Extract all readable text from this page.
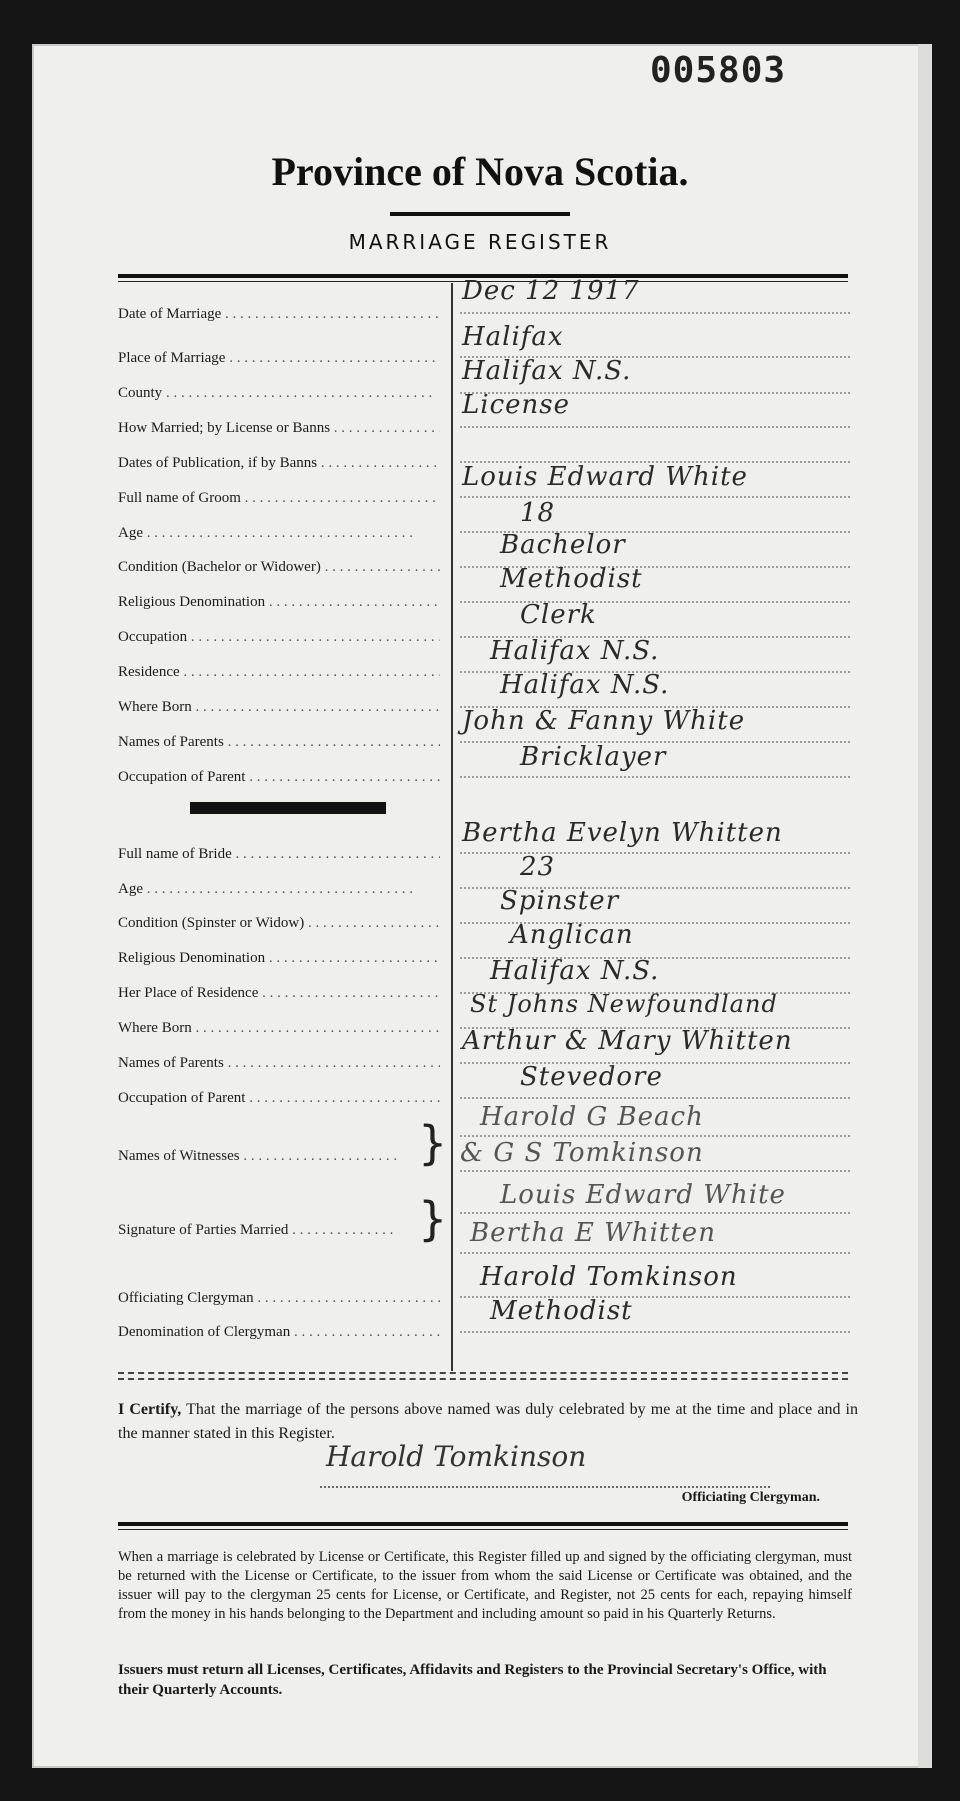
005803
Province of Nova Scotia.
MARRIAGE REGISTER
Date of Marriage . . .
Dec 12 1917
Place of Marriage . . .
Halifax
County . . .
Halifax N.S.
How Married; by License or Banns . . .
License
Dates of Publication, if by Banns . . .
Full name of Groom . . .
Louis Edward White
Age . . .
18
Condition (Bachelor or Widower) . . .
Bachelor
Religious Denomination . . .
Methodist
Occupation . . .
Clerk
Residence . . .
Halifax N.S.
Where Born . . .
Halifax N.S.
Names of Parents . . .
John & Fanny White
Occupation of Parent . . .
Bricklayer
Full name of Bride . . .
Bertha Evelyn Whitten
Age . . .
23
Condition (Spinster or Widow) . . .
Spinster
Religious Denomination . . .
Anglican
Her Place of Residence . . .
Halifax N.S.
Where Born . . .
St Johns Newfoundland
Names of Parents . . .
Arthur & Mary Whitten
Occupation of Parent . . .
Stevedore
Names of Witnesses . . .	} Harold G Beach
& G S Tomkinson
Signature of Parties Married . . .	} Louis Edward White
Bertha E Whitten
Officiating Clergyman . . .
Harold Tomkinson
Denomination of Clergyman . . .
Methodist
I Certify, That the marriage of the persons above named was duly celebrated by me at the time and place and in the manner stated in this Register.
Harold Tomkinson
Officiating Clergyman.
When a marriage is celebrated by License or Certificate, this Register filled up and signed by the officiating clergyman, must be returned with the License or Certificate, to the issuer from whom the said License or Certificate was obtained, and the issuer will pay to the clergyman 25 cents for License, or Certificate, and Register, not 25 cents for each, repaying himself from the money in his hands belonging to the Department and including amount so paid in his Quarterly Returns.
Issuers must return all Licenses, Certificates, Affidavits and Registers to the Provincial Secretary's Office, with their Quarterly Accounts.
